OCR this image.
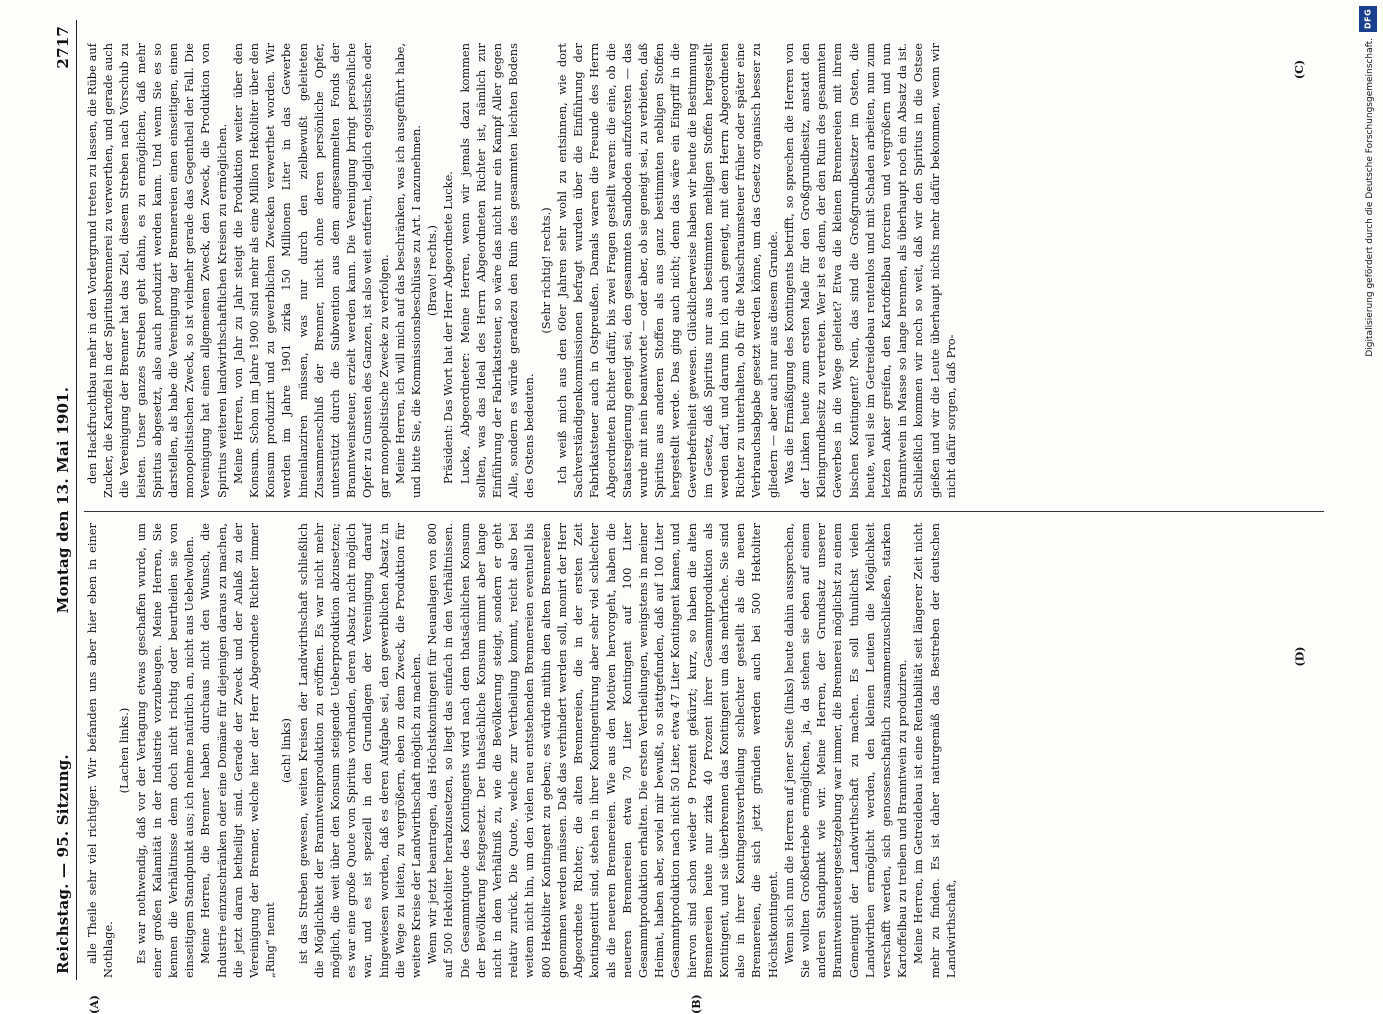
Reichstag. — 95. Sitzung.
Montag den 13. Mai 1901.
2717
(A)	(B)

alle Theile sehr viel richtiger. Wir befanden uns aber hier eben in einer Nothlage.

(Lachen links.) Es war nothwendig, daß vor der Vertagung etwas geschaffen wurde, um einer großen Kalamität in der Industrie vorzubeugen. Meine Herren, Sie kennen die Verhältnisse denn doch nicht richtig oder beurtheilen sie von einseitigem Standpunkt aus; ich nehme natürlich an, nicht aus Uebelwollen. Meine Herren, die Brenner haben durchaus nicht den Wunsch, die Industrie einzuschränken oder eine Domäne für diejenigen daraus zu machen, die jetzt daran betheiligt sind. Gerade der Zweck und der Anlaß zu der Vereinigung der Brenner, welche hier der Herr Abgeordnete Richter immer „Ring“ nennt

(ach! links) ist das Streben gewesen, weiten Kreisen der Landwirthschaft schließlich die Möglichkeit der Branntweinproduktion zu eröffnen. Es war nicht mehr möglich, die weit über den Konsum steigende Ueberproduktion abzusetzen; es war eine große Quote von Spiritus vorhanden, deren Absatz nicht möglich war, und es ist speziell in den Grundlagen der Vereinigung darauf hingewiesen worden, daß es deren Aufgabe sei, den gewerblichen Absatz in die Wege zu leiten, zu vergrößern, eben zu dem Zweck, die Produktion für weitere Kreise der Landwirthschaft möglich zu machen. Wenn wir jetzt beantragen, das Höchstkontingent für Neuanlagen von 800 auf 500 Hektoliter herabzusetzen, so liegt das einfach in den Verhältnissen. Die Gesammtquote des Kontingents wird nach dem thatsächlichen Konsum der Bevölkerung festgesetzt. Der thatsächliche Konsum nimmt aber lange nicht in dem Verhältniß zu, wie die Bevölkerung steigt, sondern er geht relativ zurück. Die Quote, welche zur Vertheilung kommt, reicht also bei weitem nicht hin, um den vielen neu entstehenden Brennereien eventuell bis 800 Hektoliter Kontingent zu geben; es würde mithin den alten Brennereien genommen werden müssen. Daß das verhindert werden soll, monirt der Herr Abgeordnete Richter; die alten Brennereien, die in der ersten Zeit kontingentirt sind, stehen in ihrer Kontingentirung aber sehr viel schlechter als die neueren Brennereien. Wie aus den Motiven hervorgeht, haben die neueren Brennereien etwa 70 Liter Kontingent auf 100 Liter Gesammtproduktion erhalten. Die ersten Vertheilungen, wenigstens in meiner Heimat, haben aber, soviel mir bewußt, so stattgefunden, daß auf 100 Liter Gesammtproduktion nach nicht 50 Liter, etwa 47 Liter Kontingent kamen, und hiervon sind schon wieder 9 Prozent gekürzt; kurz, so haben die alten Brennereien heute nur zirka 40 Prozent ihrer Gesammtproduktion als Kontingent, und sie überbrennen das Kontingent um das mehrfache. Sie sind also in ihrer Kontingentsvertheilung schlechter gestellt als die neuen Brennereien, die sich jetzt gründen werden auch bei 500 Hektoliter Höchstkontingent. Wenn sich nun die Herren auf jener Seite (links) heute dahin aussprechen, Sie wollten Großbetriebe ermöglichen, ja, da stehen sie eben auf einem anderen Standpunkt wie wir. Meine Herren, der Grundsatz unserer Branntweinsteuergesetzgebung war immer, die Brennerei möglichst zu einem Gemeingut der Landwirthschaft zu machen. Es soll thunlichst vielen Landwirthen ermöglicht werden, den kleinen Leuten die Möglichkeit verschafft werden, sich genossenschaftlich zusammenzuschließen, starken Kartoffelbau zu treiben und Branntwein zu produziren. Meine Herren, im Getreidebau ist eine Rentabilität seit längerer Zeit nicht mehr zu finden. Es ist daher naturgemäß das Bestreben der deutschen Landwirthschaft,

den Hackfruchtbau mehr in den Vordergrund treten zu lassen, die Rübe auf Zucker, die Kartoffel in der Spiritusbrennerei zu verwerthen, und gerade auch die Vereinigung der Brenner hat das Ziel, diesem Streben nach Vorschub zu leisten. Unser ganzes Streben geht dahin, es zu ermöglichen, daß mehr Spiritus abgesetzt, also auch produzirt werden kann. Und wenn Sie es so darstellen, als habe die Vereinigung der Brennereien einen einseitigen, einen monopolistischen Zweck, so ist vielmehr gerade das Gegentheil der Fall. Die Vereinigung hat einen allgemeinen Zweck, den Zweck, die Produktion von Spiritus weiteren landwirthschaftlichen Kreisen zu ermöglichen. Meine Herren, von Jahr zu Jahr steigt die Produktion weiter über den Konsum. Schon im Jahre 1900 sind mehr als eine Million Hektoliter über den Konsum produzirt und zu gewerblichen Zwecken verwerthet worden. Wir werden im Jahre 1901 zirka 150 Millionen Liter in das Gewerbe hineinlanziren müssen, was nur durch den zielbewußt geleiteten Zusammenschluß der Brenner, nicht ohne deren persönliche Opfer, unterstützt durch die Subvention aus dem angesammelten Fonds der Branntweinsteuer, erzielt werden kann. Die Vereinigung bringt persönliche Opfer zu Gunsten des Ganzen, ist also weit entfernt, lediglich egoistische oder gar monopolistische Zwecke zu verfolgen. Meine Herren, ich will mich auf das beschränken, was ich ausgeführt habe, und bitte Sie, die Kommissionsbeschlüsse zu Art. I anzunehmen. (Bravo! rechts.) Präsident: Das Wort hat der Herr Abgeordnete Lucke. Lucke, Abgeordneter: Meine Herren, wenn wir jemals dazu kommen sollten, was das Ideal des Herrn Abgeordneten Richter ist, nämlich zur Einführung der Fabrikatsteuer, so wäre das nicht nur ein Kampf Aller gegen Alle, sondern es würde geradezu den Ruin des gesammten leichten Bodens des Ostens bedeuten.

(Sehr richtig! rechts.) Ich weiß mich aus den 60er Jahren sehr wohl zu entsinnen, wie dort Sachverständigenkommissionen befragt wurden über die Einführung der Fabrikatsteuer auch in Ostpreußen. Damals waren die Freunde des Herrn Abgeordneten Richter dafür, bis zwei Fragen gestellt waren: die eine, ob die Staatsregierung geneigt sei, den gesammten Sandboden aufzuforsten — das wurde mit nein beantwortet — oder aber, ob sie geneigt sei, zu verbieten, daß Spiritus aus anderen Stoffen als aus ganz bestimmten nebligen Stoffen hergestellt werde. Das ging auch nicht; denn das wäre ein Eingriff in die Gewerbefreiheit gewesen. Glücklicherweise haben wir heute die Bestimmung im Gesetz, daß Spiritus nur aus bestimmten mehligen Stoffen hergestellt werden darf, und darum bin ich auch geneigt, mit dem Herrn Abgeordneten Richter zu unterhalten, ob für die Maischraumsteuer früher oder später eine Verbrauchsabgabe gesetzt werden könne, um das Gesetz organisch besser zu gliedern — aber auch nur aus diesem Grunde. Was die Ermäßigung des Kontingents betrifft, so sprechen die Herren von der Linken heute zum ersten Male für den Großgrundbesitz, anstatt den Kleingrundbesitz zu vertreten. Wer ist es denn, der den Ruin des gesammten Gewerbes in die Wege geleitet? Etwa die kleinen Brennereien mit ihrem bischen Kontingent? Nein, das sind die Großgrundbesitzer im Osten, die heute, weil sie im Getreidebau rentenlos und mit Schaden arbeiten, nun zum letzten Anker greifen, den Kartoffelbau forciren und vergrößern und nun Branntwein in Masse so lange brennen, als überhaupt noch ein Absatz da ist. Schließlich kommen wir noch so weit, daß wir den Spiritus in die Ostsee gießen und wir die Leute überhaupt nichts mehr dafür bekommen, wenn wir nicht dafür sorgen, daß Pro-

(C)
(D)
DFG
Digitalisierung gefördert durch die Deutsche Forschungsgemeinschaft.
